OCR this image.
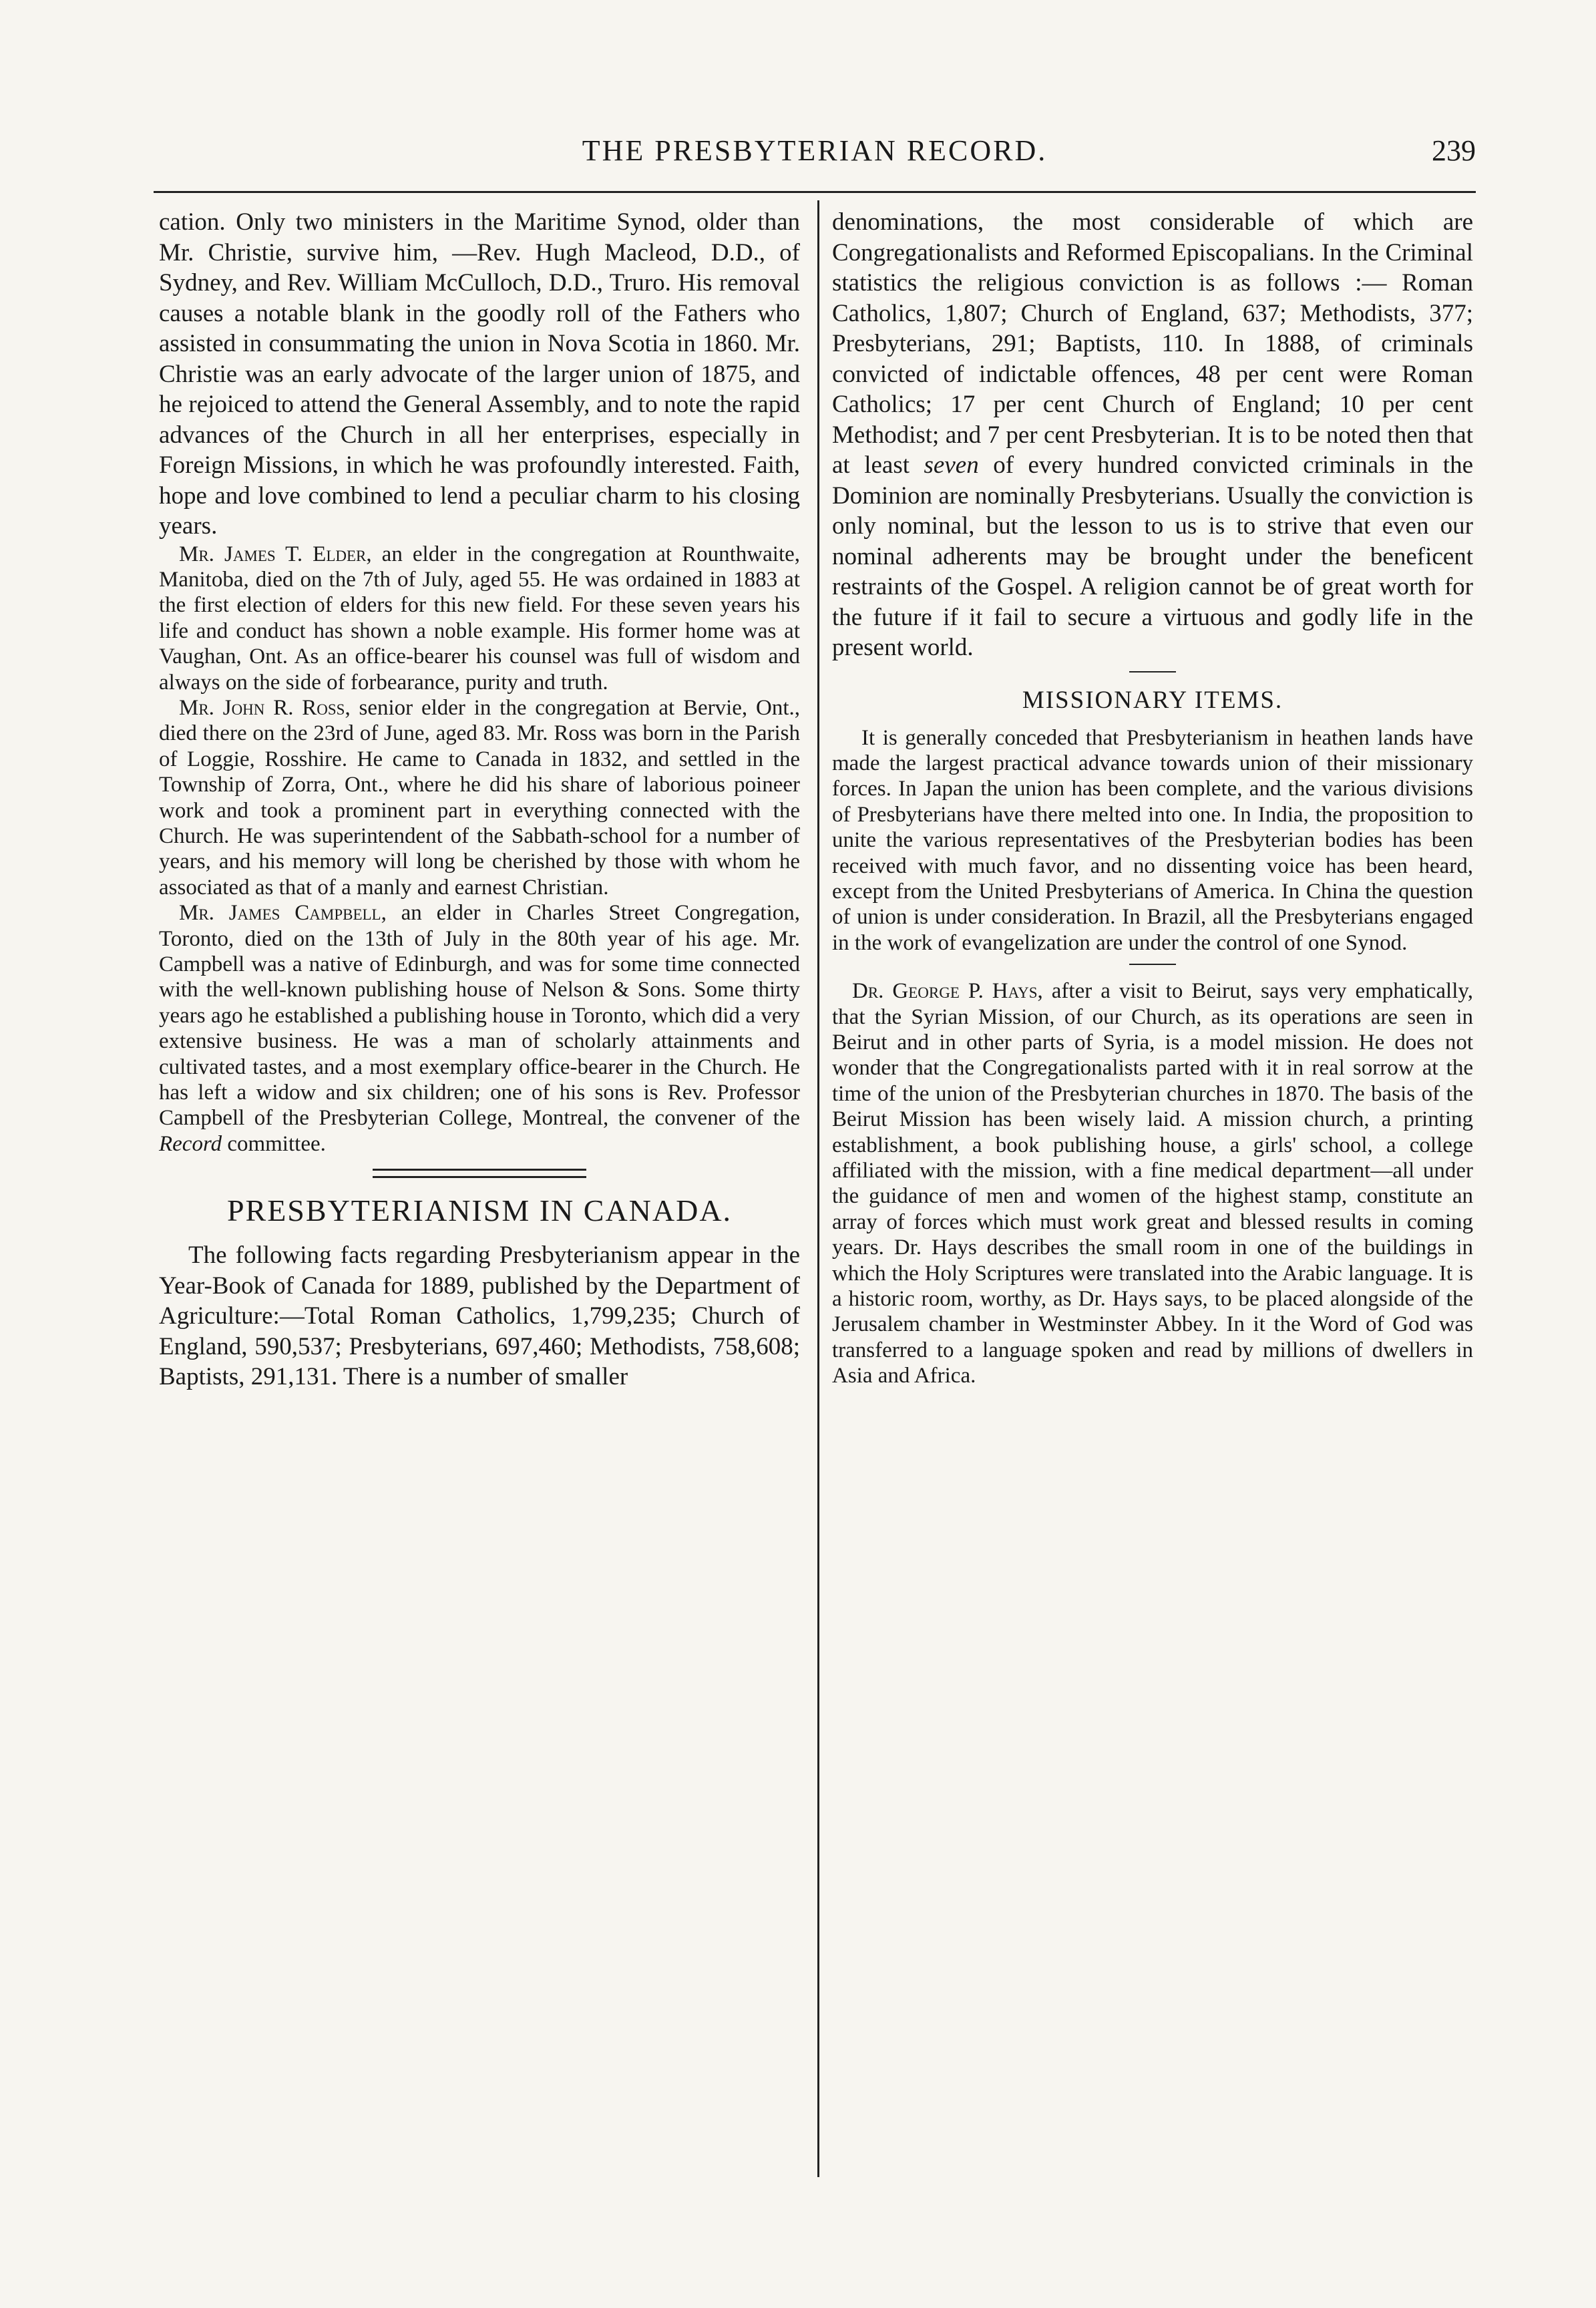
THE PRESBYTERIAN RECORD.	239

cation. Only two ministers in the Maritime Synod, older than Mr. Christie, survive him, —Rev. Hugh Macleod, D.D., of Sydney, and Rev. William McCulloch, D.D., Truro. His removal causes a notable blank in the goodly roll of the Fathers who assisted in consummating the union in Nova Scotia in 1860. Mr. Christie was an early advocate of the larger union of 1875, and he rejoiced to attend the General Assembly, and to note the rapid advances of the Church in all her enterprises, especially in Foreign Missions, in which he was profoundly interested. Faith, hope and love combined to lend a peculiar charm to his closing years.

Mr. James T. Elder, an elder in the congregation at Rounthwaite, Manitoba, died on the 7th of July, aged 55. He was ordained in 1883 at the first election of elders for this new field. For these seven years his life and conduct has shown a noble example. His former home was at Vaughan, Ont. As an office-bearer his counsel was full of wisdom and always on the side of forbearance, purity and truth.

Mr. John R. Ross, senior elder in the congregation at Bervie, Ont., died there on the 23rd of June, aged 83. Mr. Ross was born in the Parish of Loggie, Rosshire. He came to Canada in 1832, and settled in the Township of Zorra, Ont., where he did his share of laborious poineer work and took a prominent part in everything connected with the Church. He was superintendent of the Sabbath-school for a number of years, and his memory will long be cherished by those with whom he associated as that of a manly and earnest Christian.

Mr. James Campbell, an elder in Charles Street Congregation, Toronto, died on the 13th of July in the 80th year of his age. Mr. Campbell was a native of Edinburgh, and was for some time connected with the well-known publishing house of Nelson & Sons. Some thirty years ago he established a publishing house in Toronto, which did a very extensive business. He was a man of scholarly attainments and cultivated tastes, and a most exemplary office-bearer in the Church. He has left a widow and six children; one of his sons is Rev. Professor Campbell of the Presbyterian College, Montreal, the convener of the Record committee.

PRESBYTERIANISM IN CANADA.

The following facts regarding Presbyterianism appear in the Year-Book of Canada for 1889, published by the Department of Agriculture:—Total Roman Catholics, 1,799,235; Church of England, 590,537; Presbyterians, 697,460; Methodists, 758,608; Baptists, 291,131. There is a number of smaller

denominations, the most considerable of which are Congregationalists and Reformed Episcopalians. In the Criminal statistics the religious conviction is as follows :— Roman Catholics, 1,807; Church of England, 637; Methodists, 377; Presbyterians, 291; Baptists, 110. In 1888, of criminals convicted of indictable offences, 48 per cent were Roman Catholics; 17 per cent Church of England; 10 per cent Methodist; and 7 per cent Presbyterian. It is to be noted then that at least seven of every hundred convicted criminals in the Dominion are nominally Presbyterians. Usually the conviction is only nominal, but the lesson to us is to strive that even our nominal adherents may be brought under the beneficent restraints of the Gospel. A religion cannot be of great worth for the future if it fail to secure a virtuous and godly life in the present world.

MISSIONARY ITEMS.

It is generally conceded that Presbyterianism in heathen lands have made the largest practical advance towards union of their missionary forces. In Japan the union has been complete, and the various divisions of Presbyterians have there melted into one. In India, the proposition to unite the various representatives of the Presbyterian bodies has been received with much favor, and no dissenting voice has been heard, except from the United Presbyterians of America. In China the question of union is under consideration. In Brazil, all the Presbyterians engaged in the work of evangelization are under the control of one Synod.

Dr. George P. Hays, after a visit to Beirut, says very emphatically, that the Syrian Mission, of our Church, as its operations are seen in Beirut and in other parts of Syria, is a model mission. He does not wonder that the Congregationalists parted with it in real sorrow at the time of the union of the Presbyterian churches in 1870. The basis of the Beirut Mission has been wisely laid. A mission church, a printing establishment, a book publishing house, a girls' school, a college affiliated with the mission, with a fine medical department—all under the guidance of men and women of the highest stamp, constitute an array of forces which must work great and blessed results in coming years. Dr. Hays describes the small room in one of the buildings in which the Holy Scriptures were translated into the Arabic language. It is a historic room, worthy, as Dr. Hays says, to be placed alongside of the Jerusalem chamber in Westminster Abbey. In it the Word of God was transferred to a language spoken and read by millions of dwellers in Asia and Africa.
